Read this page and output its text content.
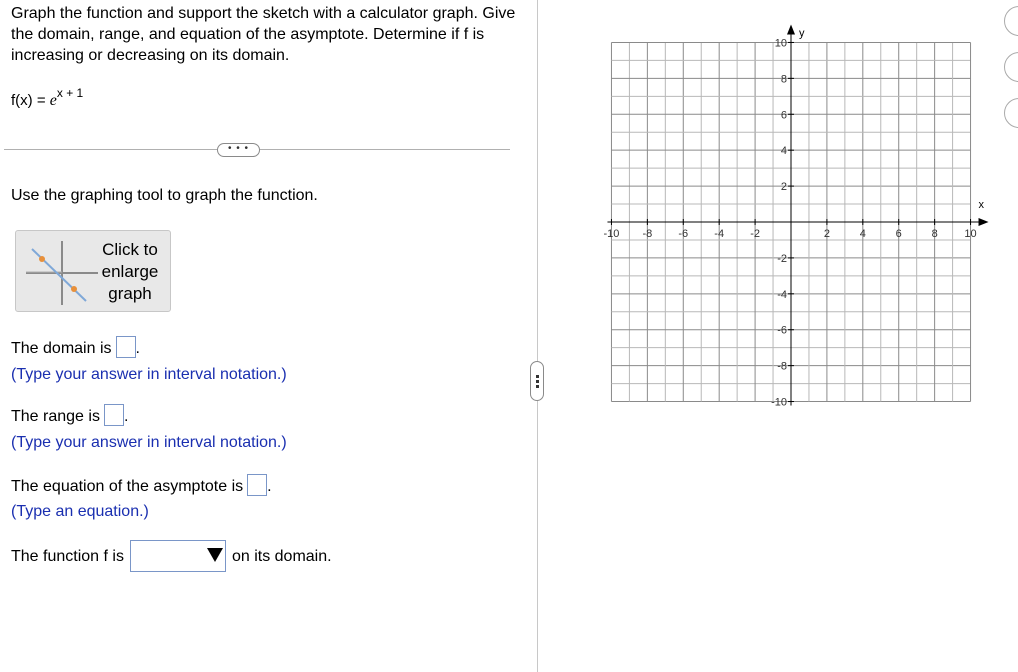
Graph the function and support the sketch with a calculator graph. Give the domain, range, and equation of the asymptote. Determine if f is increasing or decreasing on its domain.
$f(x) = e^{x + 1}$
• • •
Use the graphing tool to graph the function.
Click to enlarge graph
The domain is .
(Type your answer in interval notation.)
The range is .
(Type your answer in interval notation.)
The equation of the asymptote is .
(Type an equation.)
The function f is	on its domain.
x
y
-10 -8 -6 -4 -2	2	4	6	8 10
10
8
6
4
2
-2
-4
-6
-8
-10
